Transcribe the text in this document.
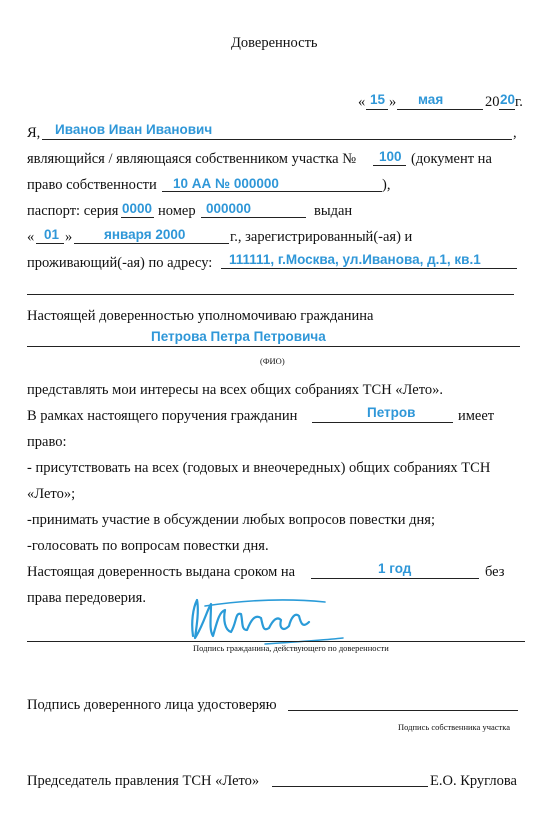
Доверенность
« 15 » мая	20 20 г.
Я, Иванов Иван Иванович	,
являющийся / являющаяся собственником участка № 100 (документ на
право собственности 10 АА № 000000	),
паспорт: серия 0000 номер 000000	выдан
« 01 » января 2000	г., зарегистрированный(-ая) и
проживающий(-ая) по адресу: 111111, г.Москва, ул.Иванова, д.1, кв.1
Настоящей доверенностью уполномочиваю гражданина
Петрова Петра Петровича
(ФИО)
представлять мои интересы на всех общих собраниях ТСН «Лето».
В рамках настоящего поручения гражданин	Петров	имеет
право:
- присутствовать на всех (годовых и внеочередных) общих собраниях ТСН
«Лето»;
-принимать участие в обсуждении любых вопросов повестки дня;
-голосовать по вопросам повестки дня.
Настоящая доверенность выдана сроком на	1 год	без
права передоверия.
Подпись гражданина, действующего по доверенности
Подпись доверенного лица удостоверяю
Подпись собственника участка
Председатель правления ТСН «Лето»	Е.О. Круглова
